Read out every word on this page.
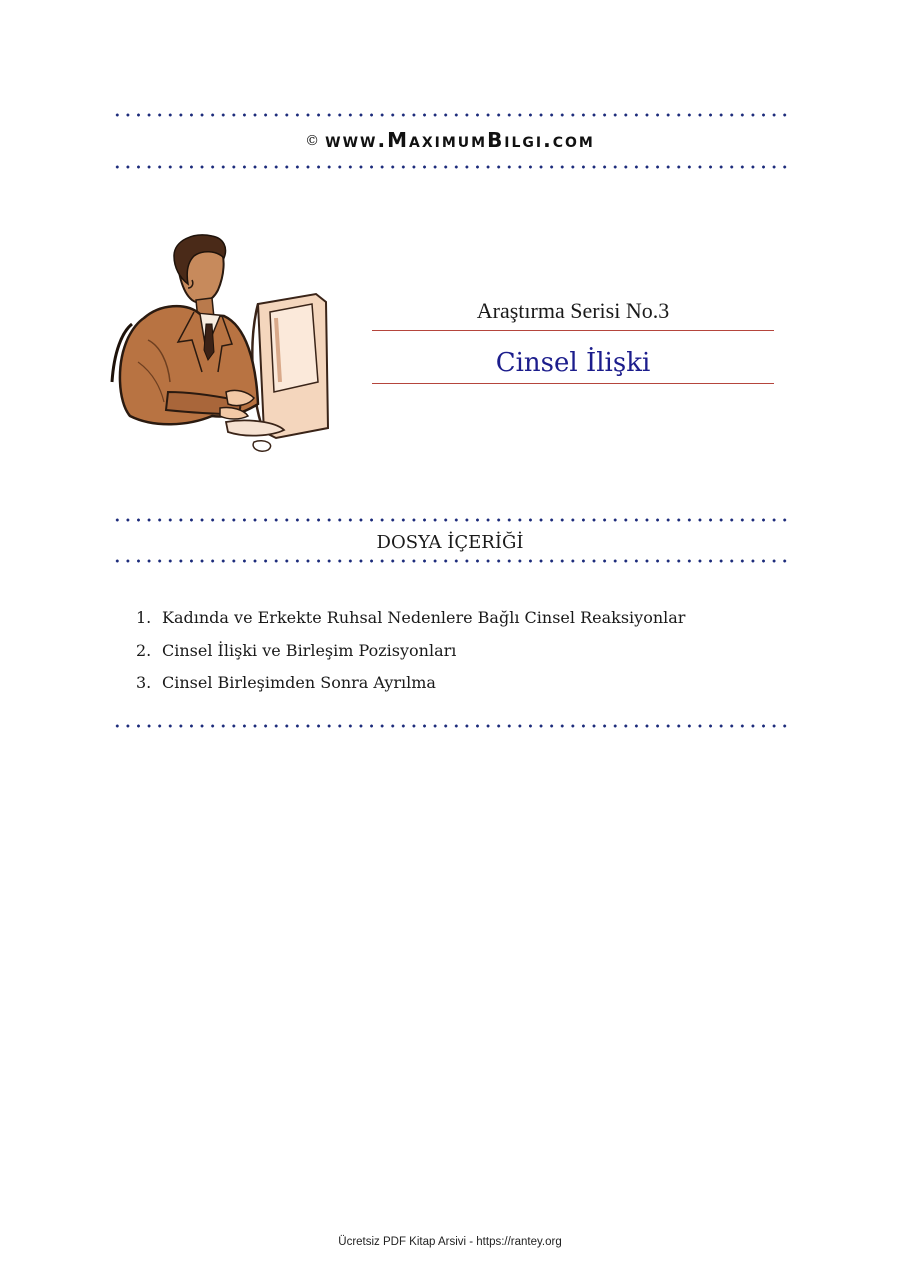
© www.MaximumBilgi.com
Araştırma Serisi No.3
Cinsel İlişki
DOSYA İÇERİĞİ
1. Kadında ve Erkekte Ruhsal Nedenlere Bağlı Cinsel Reaksiyonlar
2. Cinsel İlişki ve Birleşim Pozisyonları
3. Cinsel Birleşimden Sonra Ayrılma
Ücretsiz PDF Kitap Arsivi - https://rantey.org
